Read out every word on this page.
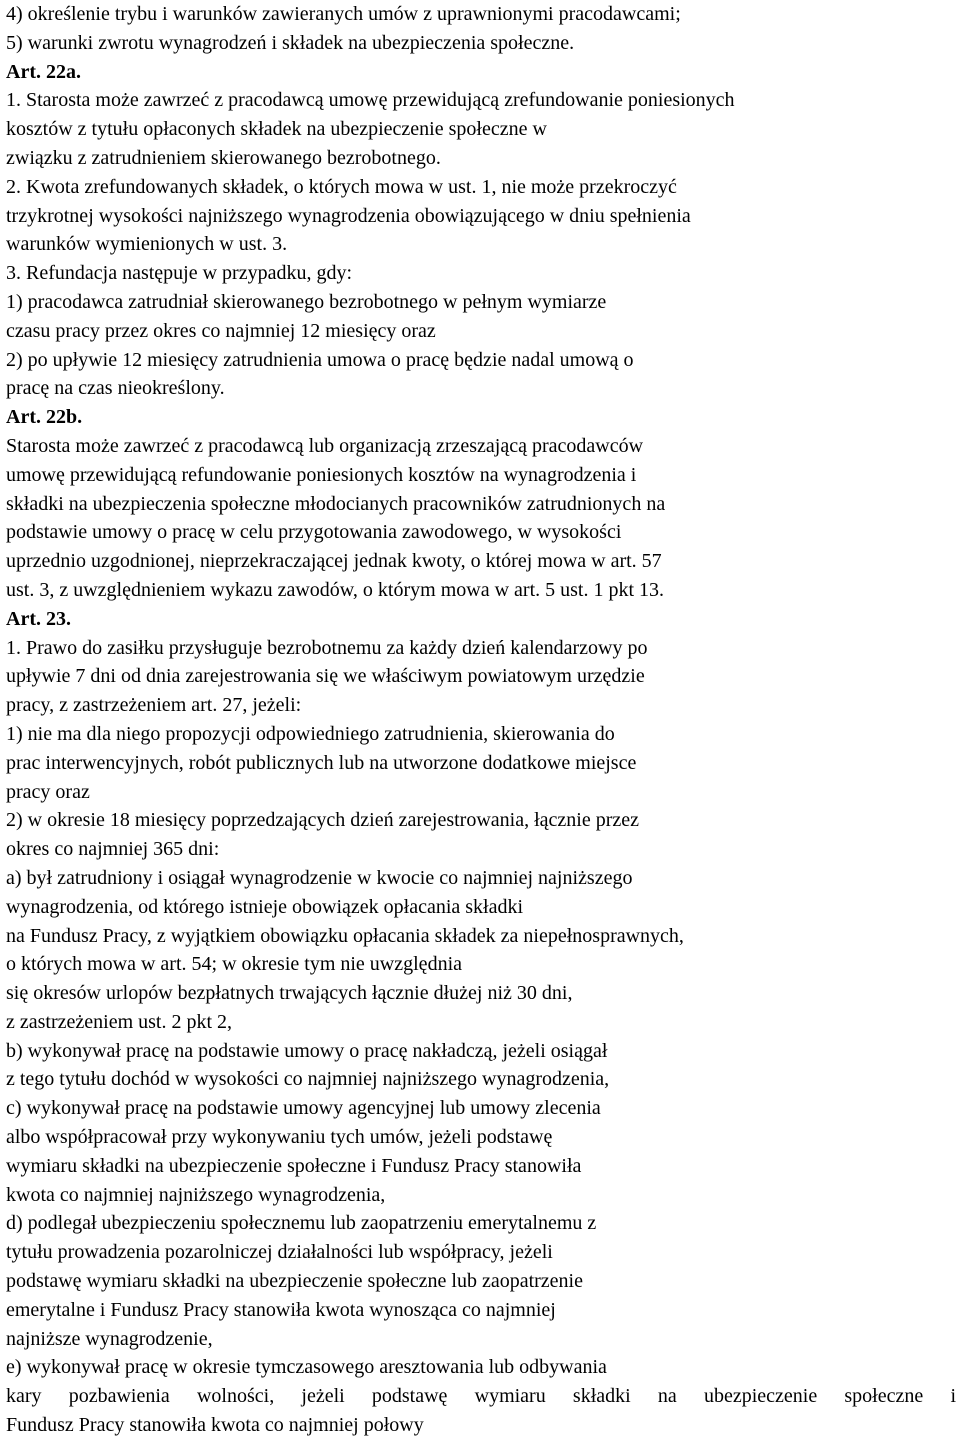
4) określenie trybu i warunków zawieranych umów z uprawnionymi pracodawcami;
5) warunki zwrotu wynagrodzeń i składek na ubezpieczenia społeczne.
Art. 22a.
1. Starosta może zawrzeć z pracodawcą umowę przewidującą zrefundowanie poniesionych
kosztów z tytułu opłaconych składek na ubezpieczenie społeczne w
związku z zatrudnieniem skierowanego bezrobotnego.
2. Kwota zrefundowanych składek, o których mowa w ust. 1, nie może przekroczyć
trzykrotnej wysokości najniższego wynagrodzenia obowiązującego w dniu spełnienia
warunków wymienionych w ust. 3.
3. Refundacja następuje w przypadku, gdy:
1) pracodawca zatrudniał skierowanego bezrobotnego w pełnym wymiarze
czasu pracy przez okres co najmniej 12 miesięcy oraz
2) po upływie 12 miesięcy zatrudnienia umowa o pracę będzie nadal umową o
pracę na czas nieokreślony.
Art. 22b.
Starosta może zawrzeć z pracodawcą lub organizacją zrzeszającą pracodawców
umowę przewidującą refundowanie poniesionych kosztów na wynagrodzenia i
składki na ubezpieczenia społeczne młodocianych pracowników zatrudnionych na
podstawie umowy o pracę w celu przygotowania zawodowego, w wysokości
uprzednio uzgodnionej, nieprzekraczającej jednak kwoty, o której mowa w art. 57
ust. 3, z uwzględnieniem wykazu zawodów, o którym mowa w art. 5 ust. 1 pkt 13.
Art. 23.
1. Prawo do zasiłku przysługuje bezrobotnemu za każdy dzień kalendarzowy po
upływie 7 dni od dnia zarejestrowania się we właściwym powiatowym urzędzie
pracy, z zastrzeżeniem art. 27, jeżeli:
1) nie ma dla niego propozycji odpowiedniego zatrudnienia, skierowania do
prac interwencyjnych, robót publicznych lub na utworzone dodatkowe miejsce
pracy oraz
2) w okresie 18 miesięcy poprzedzających dzień zarejestrowania, łącznie przez
okres co najmniej 365 dni:
a) był zatrudniony i osiągał wynagrodzenie w kwocie co najmniej najniższego
wynagrodzenia, od którego istnieje obowiązek opłacania składki
na Fundusz Pracy, z wyjątkiem obowiązku opłacania składek za niepełnosprawnych,
o których mowa w art. 54; w okresie tym nie uwzględnia
się okresów urlopów bezpłatnych trwających łącznie dłużej niż 30 dni,
z zastrzeżeniem ust. 2 pkt 2,
b) wykonywał pracę na podstawie umowy o pracę nakładczą, jeżeli osiągał
z tego tytułu dochód w wysokości co najmniej najniższego wynagrodzenia,
c) wykonywał pracę na podstawie umowy agencyjnej lub umowy zlecenia
albo współpracował przy wykonywaniu tych umów, jeżeli podstawę
wymiaru składki na ubezpieczenie społeczne i Fundusz Pracy stanowiła
kwota co najmniej najniższego wynagrodzenia,
d) podlegał ubezpieczeniu społecznemu lub zaopatrzeniu emerytalnemu z
tytułu prowadzenia pozarolniczej działalności lub współpracy, jeżeli
podstawę wymiaru składki na ubezpieczenie społeczne lub zaopatrzenie
emerytalne i Fundusz Pracy stanowiła kwota wynosząca co najmniej
najniższe wynagrodzenie,
e) wykonywał pracę w okresie tymczasowego aresztowania lub odbywania
kary pozbawienia wolności, jeżeli podstawę wymiaru składki na ubezpieczenie społeczne i
Fundusz Pracy stanowiła kwota co najmniej połowy
